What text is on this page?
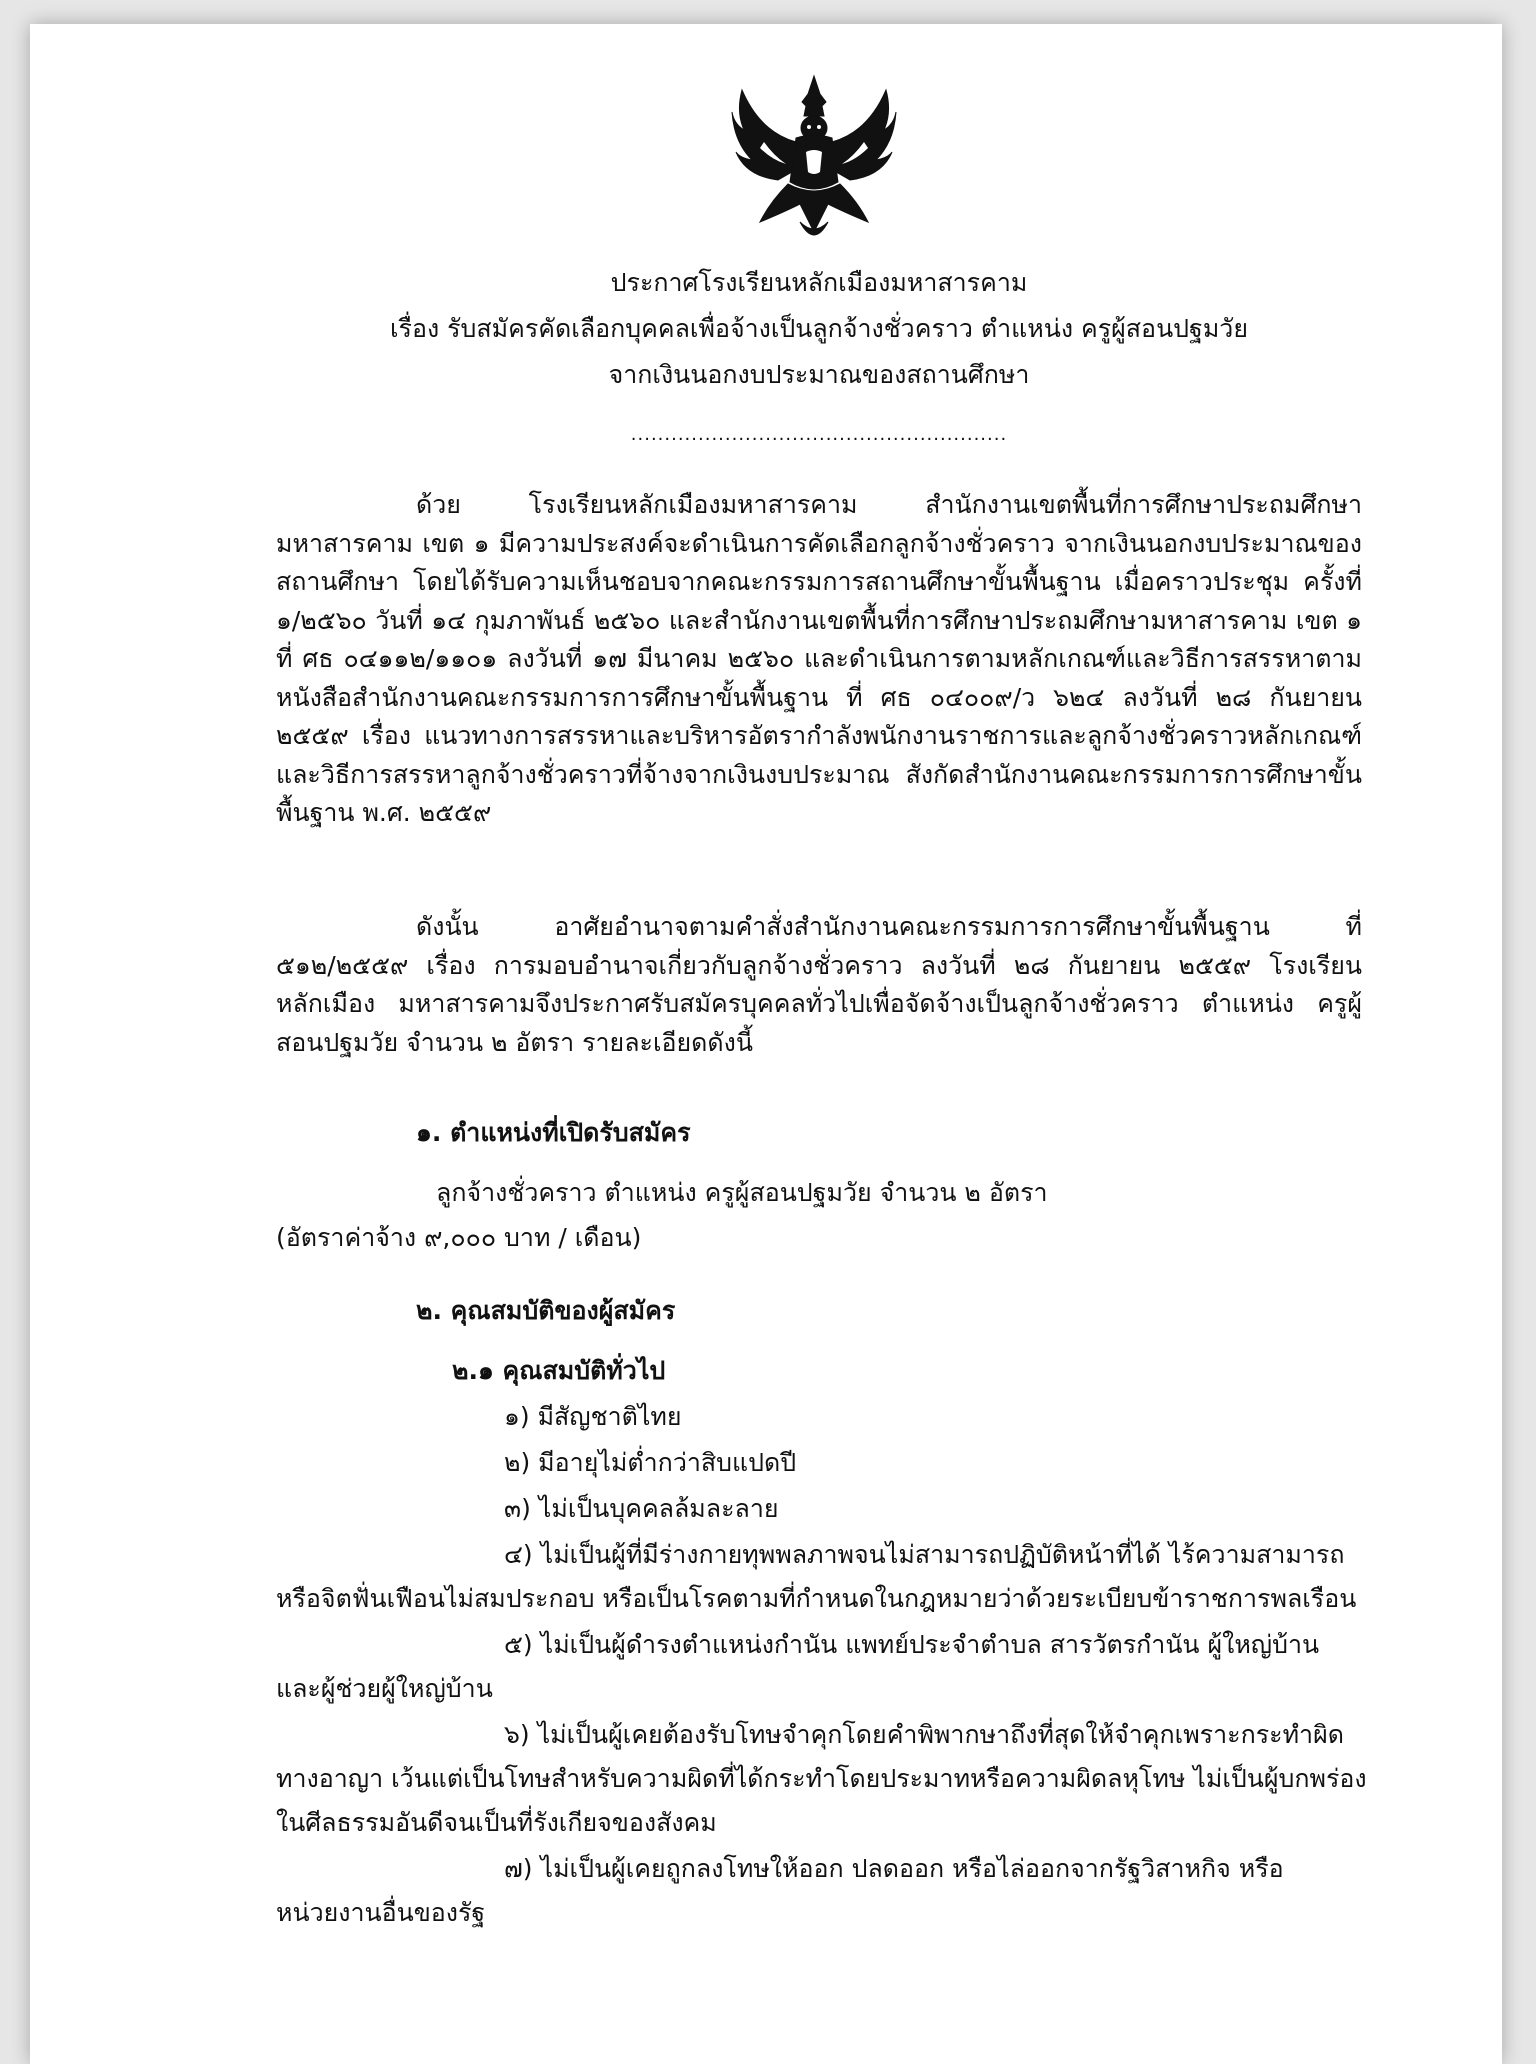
ประกาศโรงเรียนหลักเมืองมหาสารคาม
เรื่อง รับสมัครคัดเลือกบุคคลเพื่อจ้างเป็นลูกจ้างชั่วคราว ตำแหน่ง ครูผู้สอนปฐมวัย
จากเงินนอกงบประมาณของสถานศึกษา
........................................................
ด้วย โรงเรียนหลักเมืองมหาสารคาม สำนักงานเขตพื้นที่การศึกษาประถมศึกษามหาสารคาม เขต ๑ มีความประสงค์จะดำเนินการคัดเลือกลูกจ้างชั่วคราว จากเงินนอกงบประมาณของสถานศึกษา โดยได้รับความเห็นชอบจากคณะกรรมการสถานศึกษาขั้นพื้นฐาน เมื่อคราวประชุม ครั้งที่ ๑/๒๕๖๐ วันที่ ๑๔ กุมภาพันธ์ ๒๕๖๐ และสำนักงานเขตพื้นที่การศึกษาประถมศึกษามหาสารคาม เขต ๑ ที่ ศธ ๐๔๑๑๒/๑๑๐๑ ลงวันที่ ๑๗ มีนาคม ๒๕๖๐ และดำเนินการตามหลักเกณฑ์และวิธีการสรรหาตาม หนังสือสำนักงานคณะกรรมการการศึกษาขั้นพื้นฐาน ที่ ศธ ๐๔๐๐๙/ว ๖๒๔ ลงวันที่ ๒๘ กันยายน ๒๕๕๙ เรื่อง แนวทางการสรรหาและบริหารอัตรากำลังพนักงานราชการและลูกจ้างชั่วคราวหลักเกณฑ์ และวิธีการสรรหาลูกจ้างชั่วคราวที่จ้างจากเงินงบประมาณ สังกัดสำนักงานคณะกรรมการการศึกษาขั้น พื้นฐาน พ.ศ. ๒๕๕๙
ดังนั้น อาศัยอำนาจตามคำสั่งสำนักงานคณะกรรมการการศึกษาขั้นพื้นฐาน ที่ ๕๑๒/๒๕๕๙ เรื่อง การมอบอำนาจเกี่ยวกับลูกจ้างชั่วคราว ลงวันที่ ๒๘ กันยายน ๒๕๕๙ โรงเรียนหลักเมือง มหาสารคามจึงประกาศรับสมัครบุคคลทั่วไปเพื่อจัดจ้างเป็นลูกจ้างชั่วคราว ตำแหน่ง ครูผู้สอนปฐมวัย จำนวน ๒ อัตรา รายละเอียดดังนี้
๑. ตำแหน่งที่เปิดรับสมัคร
ลูกจ้างชั่วคราว ตำแหน่ง ครูผู้สอนปฐมวัย จำนวน ๒ อัตรา
(อัตราค่าจ้าง ๙,๐๐๐ บาท / เดือน)
๒. คุณสมบัติของผู้สมัคร
๒.๑ คุณสมบัติทั่วไป
๑) มีสัญชาติไทย
๒) มีอายุไม่ต่ำกว่าสิบแปดปี
๓) ไม่เป็นบุคคลล้มละลาย
๔) ไม่เป็นผู้ที่มีร่างกายทุพพลภาพจนไม่สามารถปฏิบัติหน้าที่ได้ ไร้ความสามารถ
หรือจิตฟั่นเฟือนไม่สมประกอบ หรือเป็นโรคตามที่กำหนดในกฎหมายว่าด้วยระเบียบข้าราชการพลเรือน
๕) ไม่เป็นผู้ดำรงตำแหน่งกำนัน แพทย์ประจำตำบล สารวัตรกำนัน ผู้ใหญ่บ้าน
และผู้ช่วยผู้ใหญ่บ้าน
๖) ไม่เป็นผู้เคยต้องรับโทษจำคุกโดยคำพิพากษาถึงที่สุดให้จำคุกเพราะกระทำผิด
ทางอาญา เว้นแต่เป็นโทษสำหรับความผิดที่ได้กระทำโดยประมาทหรือความผิดลหุโทษ ไม่เป็นผู้บกพร่อง
ในศีลธรรมอันดีจนเป็นที่รังเกียจของสังคม
๗) ไม่เป็นผู้เคยถูกลงโทษให้ออก ปลดออก หรือไล่ออกจากรัฐวิสาหกิจ หรือ
หน่วยงานอื่นของรัฐ
